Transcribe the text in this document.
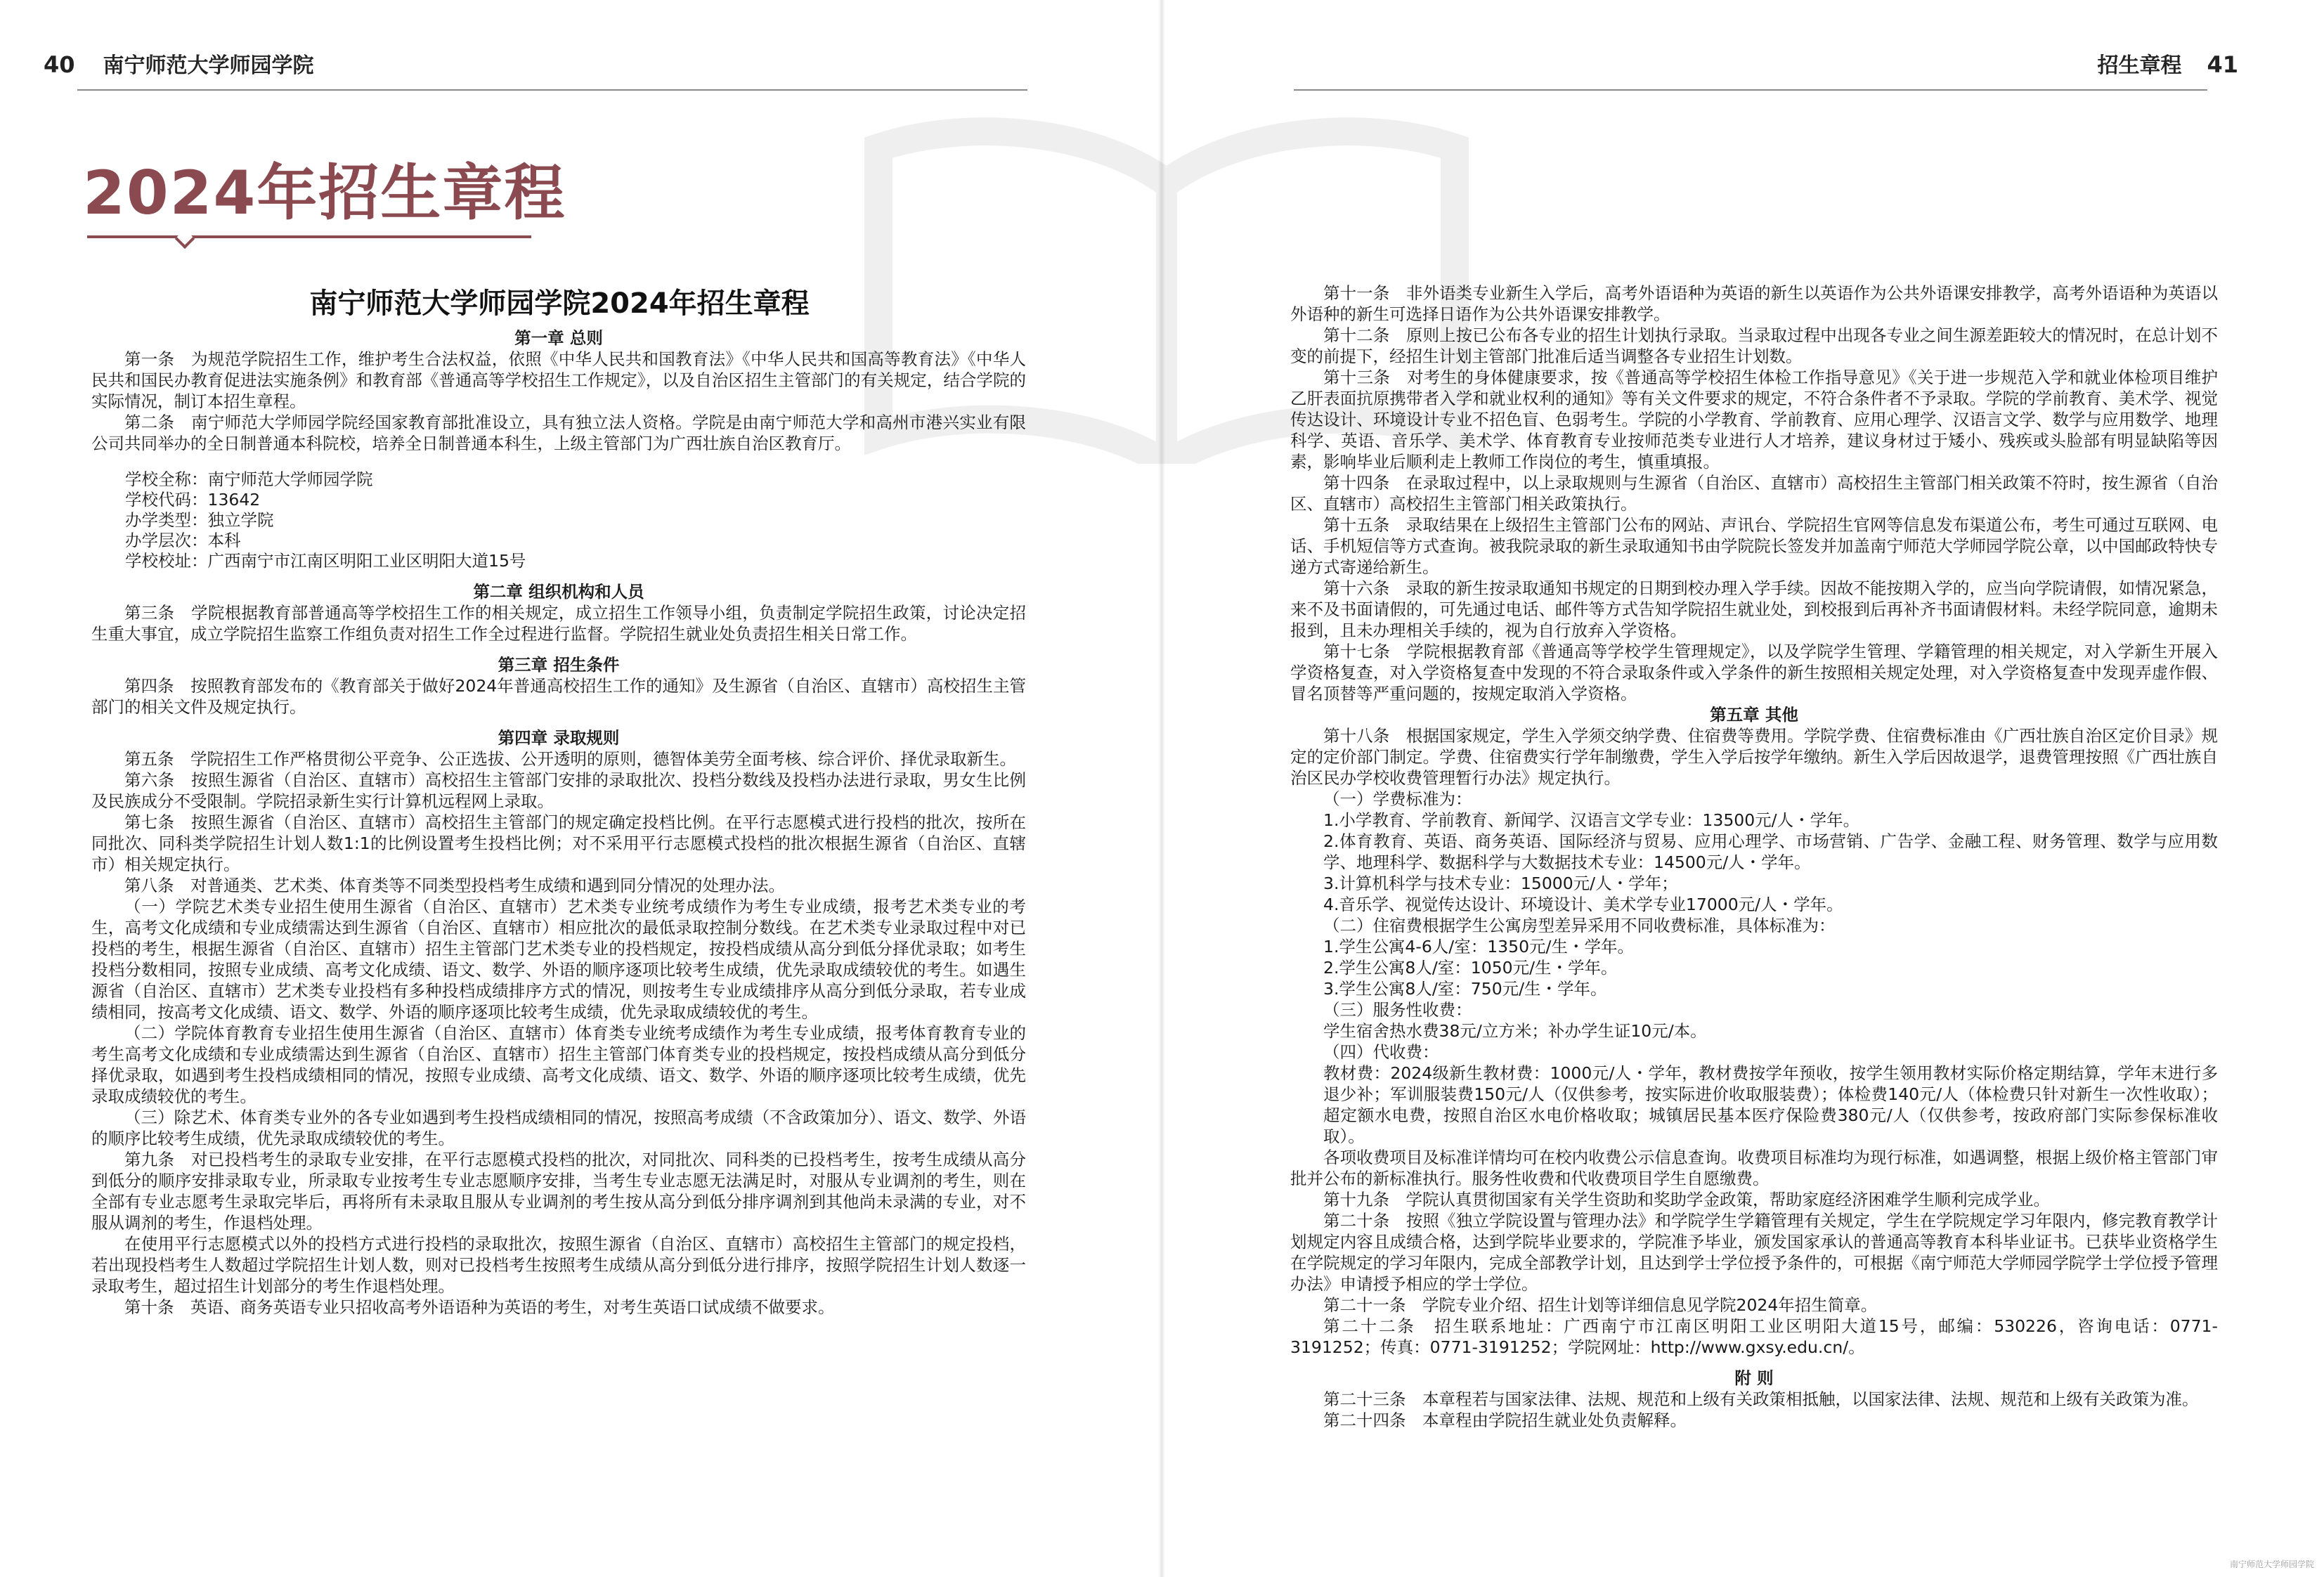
40 南宁师范大学师园学院
2024年招生章程
南宁师范大学师园学院2024年招生章程
第一章 总则

第一条　为规范学院招生工作，维护考生合法权益，依照《中华人民共和国教育法》《中华人民共和国高等教育法》《中华人民共和国民办教育促进法实施条例》和教育部《普通高等学校招生工作规定》，以及自治区招生主管部门的有关规定，结合学院的实际情况，制订本招生章程。

第二条　南宁师范大学师园学院经国家教育部批准设立，具有独立法人资格。学院是由南宁师范大学和高州市港兴实业有限公司共同举办的全日制普通本科院校，培养全日制普通本科生，上级主管部门为广西壮族自治区教育厅。

学校全称：南宁师范大学师园学院
学校代码：13642
办学类型：独立学院
办学层次：本科
学校校址：广西南宁市江南区明阳工业区明阳大道15号
第二章 组织机构和人员

第三条　学院根据教育部普通高等学校招生工作的相关规定，成立招生工作领导小组，负责制定学院招生政策，讨论决定招生重大事宜，成立学院招生监察工作组负责对招生工作全过程进行监督。学院招生就业处负责招生相关日常工作。

第三章 招生条件

第四条　按照教育部发布的《教育部关于做好2024年普通高校招生工作的通知》及生源省（自治区、直辖市）高校招生主管部门的相关文件及规定执行。

第四章 录取规则

第五条　学院招生工作严格贯彻公平竞争、公正选拔、公开透明的原则，德智体美劳全面考核、综合评价、择优录取新生。

第六条　按照生源省（自治区、直辖市）高校招生主管部门安排的录取批次、投档分数线及投档办法进行录取，男女生比例及民族成分不受限制。学院招录新生实行计算机远程网上录取。

第七条　按照生源省（自治区、直辖市）高校招生主管部门的规定确定投档比例。在平行志愿模式进行投档的批次，按所在同批次、同科类学院招生计划人数1:1的比例设置考生投档比例；对不采用平行志愿模式投档的批次根据生源省（自治区、直辖市）相关规定执行。

第八条　对普通类、艺术类、体育类等不同类型投档考生成绩和遇到同分情况的处理办法。

（一）学院艺术类专业招生使用生源省（自治区、直辖市）艺术类专业统考成绩作为考生专业成绩，报考艺术类专业的考生，高考文化成绩和专业成绩需达到生源省（自治区、直辖市）相应批次的最低录取控制分数线。在艺术类专业录取过程中对已投档的考生，根据生源省（自治区、直辖市）招生主管部门艺术类专业的投档规定，按投档成绩从高分到低分择优录取；如考生投档分数相同，按照专业成绩、高考文化成绩、语文、数学、外语的顺序逐项比较考生成绩，优先录取成绩较优的考生。如遇生源省（自治区、直辖市）艺术类专业投档有多种投档成绩排序方式的情况，则按考生专业成绩排序从高分到低分录取，若专业成绩相同，按高考文化成绩、语文、数学、外语的顺序逐项比较考生成绩，优先录取成绩较优的考生。

（二）学院体育教育专业招生使用生源省（自治区、直辖市）体育类专业统考成绩作为考生专业成绩，报考体育教育专业的考生高考文化成绩和专业成绩需达到生源省（自治区、直辖市）招生主管部门体育类专业的投档规定，按投档成绩从高分到低分择优录取，如遇到考生投档成绩相同的情况，按照专业成绩、高考文化成绩、语文、数学、外语的顺序逐项比较考生成绩，优先录取成绩较优的考生。

（三）除艺术、体育类专业外的各专业如遇到考生投档成绩相同的情况，按照高考成绩（不含政策加分）、语文、数学、外语的顺序比较考生成绩，优先录取成绩较优的考生。

第九条　对已投档考生的录取专业安排，在平行志愿模式投档的批次，对同批次、同科类的已投档考生，按考生成绩从高分到低分的顺序安排录取专业，所录取专业按考生专业志愿顺序安排，当考生专业志愿无法满足时，对服从专业调剂的考生，则在全部有专业志愿考生录取完毕后，再将所有未录取且服从专业调剂的考生按从高分到低分排序调剂到其他尚未录满的专业，对不服从调剂的考生，作退档处理。

在使用平行志愿模式以外的投档方式进行投档的录取批次，按照生源省（自治区、直辖市）高校招生主管部门的规定投档，若出现投档考生人数超过学院招生计划人数，则对已投档考生按照考生成绩从高分到低分进行排序，按照学院招生计划人数逐一录取考生，超过招生计划部分的考生作退档处理。

第十条　英语、商务英语专业只招收高考外语语种为英语的考生，对考生英语口试成绩不做要求。

招生章程 41

第十一条　非外语类专业新生入学后，高考外语语种为英语的新生以英语作为公共外语课安排教学，高考外语语种为英语以外语种的新生可选择日语作为公共外语课安排教学。

第十二条　原则上按已公布各专业的招生计划执行录取。当录取过程中出现各专业之间生源差距较大的情况时，在总计划不变的前提下，经招生计划主管部门批准后适当调整各专业招生计划数。

第十三条　对考生的身体健康要求，按《普通高等学校招生体检工作指导意见》《关于进一步规范入学和就业体检项目维护乙肝表面抗原携带者入学和就业权利的通知》等有关文件要求的规定，不符合条件者不予录取。学院的学前教育、美术学、视觉传达设计、环境设计专业不招色盲、色弱考生。学院的小学教育、学前教育、应用心理学、汉语言文学、数学与应用数学、地理科学、英语、音乐学、美术学、体育教育专业按师范类专业进行人才培养，建议身材过于矮小、残疾或头脸部有明显缺陷等因素，影响毕业后顺利走上教师工作岗位的考生，慎重填报。

第十四条　在录取过程中，以上录取规则与生源省（自治区、直辖市）高校招生主管部门相关政策不符时，按生源省（自治区、直辖市）高校招生主管部门相关政策执行。

第十五条　录取结果在上级招生主管部门公布的网站、声讯台、学院招生官网等信息发布渠道公布，考生可通过互联网、电话、手机短信等方式查询。被我院录取的新生录取通知书由学院院长签发并加盖南宁师范大学师园学院公章，以中国邮政特快专递方式寄递给新生。

第十六条　录取的新生按录取通知书规定的日期到校办理入学手续。因故不能按期入学的，应当向学院请假，如情况紧急，来不及书面请假的，可先通过电话、邮件等方式告知学院招生就业处，到校报到后再补齐书面请假材料。未经学院同意，逾期未报到，且未办理相关手续的，视为自行放弃入学资格。

第十七条　学院根据教育部《普通高等学校学生管理规定》，以及学院学生管理、学籍管理的相关规定，对入学新生开展入学资格复查，对入学资格复查中发现的不符合录取条件或入学条件的新生按照相关规定处理，对入学资格复查中发现弄虚作假、冒名顶替等严重问题的，按规定取消入学资格。

第五章 其他

第十八条　根据国家规定，学生入学须交纳学费、住宿费等费用。学院学费、住宿费标准由《广西壮族自治区定价目录》规定的定价部门制定。学费、住宿费实行学年制缴费，学生入学后按学年缴纳。新生入学后因故退学，退费管理按照《广西壮族自治区民办学校收费管理暂行办法》规定执行。

（一）学费标准为：

1.小学教育、学前教育、新闻学、汉语言文学专业：13500元/人・学年。

2.体育教育、英语、商务英语、国际经济与贸易、应用心理学、市场营销、广告学、金融工程、财务管理、数学与应用数学、地理科学、数据科学与大数据技术专业：14500元/人・学年。

3.计算机科学与技术专业：15000元/人・学年；

4.音乐学、视觉传达设计、环境设计、美术学专业17000元/人・学年。

（二）住宿费根据学生公寓房型差异采用不同收费标准，具体标准为：

1.学生公寓4-6人/室：1350元/生・学年。

2.学生公寓8人/室：1050元/生・学年。

3.学生公寓8人/室：750元/生・学年。

（三）服务性收费：

学生宿舍热水费38元/立方米；补办学生证10元/本。

（四）代收费：

教材费：2024级新生教材费：1000元/人・学年，教材费按学年预收，按学生领用教材实际价格定期结算，学年末进行多退少补；军训服装费150元/人（仅供参考，按实际进价收取服装费）；体检费140元/人（体检费只针对新生一次性收取）；超定额水电费，按照自治区水电价格收取；城镇居民基本医疗保险费380元/人（仅供参考，按政府部门实际参保标准收取）。

各项收费项目及标准详情均可在校内收费公示信息查询。收费项目标准均为现行标准，如遇调整，根据上级价格主管部门审批并公布的新标准执行。服务性收费和代收费项目学生自愿缴费。

第十九条　学院认真贯彻国家有关学生资助和奖助学金政策，帮助家庭经济困难学生顺利完成学业。

第二十条　按照《独立学院设置与管理办法》和学院学生学籍管理有关规定，学生在学院规定学习年限内，修完教育教学计划规定内容且成绩合格，达到学院毕业要求的，学院准予毕业，颁发国家承认的普通高等教育本科毕业证书。已获毕业资格学生在学院规定的学习年限内，完成全部教学计划，且达到学士学位授予条件的，可根据《南宁师范大学师园学院学士学位授予管理办法》申请授予相应的学士学位。

第二十一条　学院专业介绍、招生计划等详细信息见学院2024年招生简章。

第二十二条　招生联系地址：广西南宁市江南区明阳工业区明阳大道15号，邮编：530226，咨询电话：0771-3191252；传真：0771-3191252；学院网址：http://www.gxsy.edu.cn/。

附 则

第二十三条　本章程若与国家法律、法规、规范和上级有关政策相抵触，以国家法律、法规、规范和上级有关政策为准。

第二十四条　本章程由学院招生就业处负责解释。

南宁师范大学师园学院
